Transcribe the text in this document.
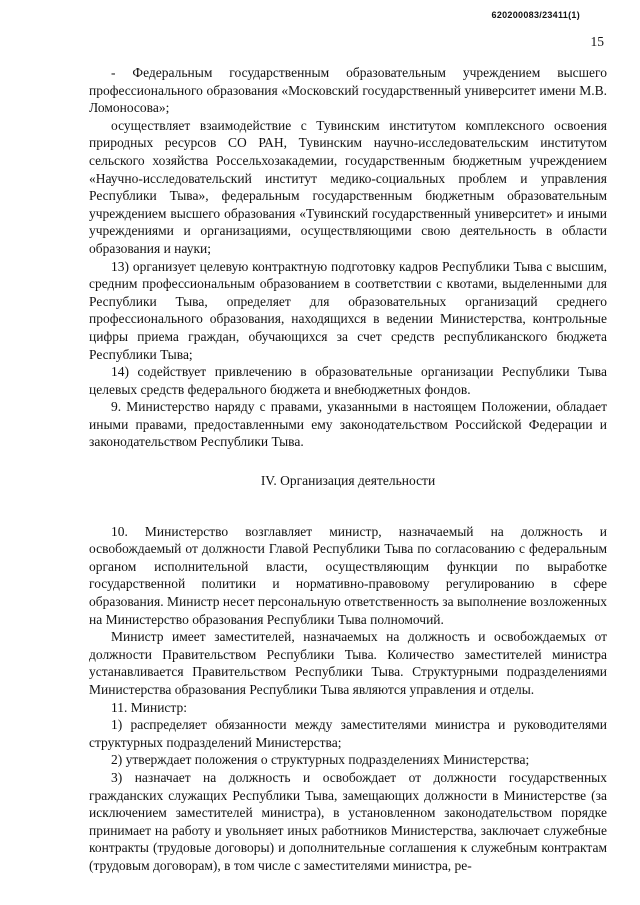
620200083/23411(1)
15

- Федеральным государственным образовательным учреждением высшего профессионального образования «Московский государственный университет имени М.В. Ломоносова»;

осуществляет взаимодействие с Тувинским институтом комплексного освоения природных ресурсов СО РАН, Тувинским научно-исследовательским институтом сельского хозяйства Россельхозакадемии, государственным бюджетным учреждением «Научно-исследовательский институт медико-социальных проблем и управления Республики Тыва», федеральным государственным бюджетным образовательным учреждением высшего образования «Тувинский государственный университет» и иными учреждениями и организациями, осуществляющими свою деятельность в области образования и науки;

13) организует целевую контрактную подготовку кадров Республики Тыва с высшим, средним профессиональным образованием в соответствии с квотами, выделенными для Республики Тыва, определяет для образовательных организаций среднего профессионального образования, находящихся в ведении Министерства, контрольные цифры приема граждан, обучающихся за счет средств республиканского бюджета Республики Тыва;

14) содействует привлечению в образовательные организации Республики Тыва целевых средств федерального бюджета и внебюджетных фондов.

9. Министерство наряду с правами, указанными в настоящем Положении, обладает иными правами, предоставленными ему законодательством Российской Федерации и законодательством Республики Тыва.

IV. Организация деятельности

10. Министерство возглавляет министр, назначаемый на должность и освобождаемый от должности Главой Республики Тыва по согласованию с федеральным органом исполнительной власти, осуществляющим функции по выработке государственной политики и нормативно-правовому регулированию в сфере образования. Министр несет персональную ответственность за выполнение возложенных на Министерство образования Республики Тыва полномочий.

Министр имеет заместителей, назначаемых на должность и освобождаемых от должности Правительством Республики Тыва. Количество заместителей министра устанавливается Правительством Республики Тыва. Структурными подразделениями Министерства образования Республики Тыва являются управления и отделы.

11. Министр:

1) распределяет обязанности между заместителями министра и руководителями структурных подразделений Министерства;

2) утверждает положения о структурных подразделениях Министерства;

3) назначает на должность и освобождает от должности государственных гражданских служащих Республики Тыва, замещающих должности в Министерстве (за исключением заместителей министра), в установленном законодательством порядке принимает на работу и увольняет иных работников Министерства, заключает служебные контракты (трудовые договоры) и дополнительные соглашения к служебным контрактам (трудовым договорам), в том числе с заместителями министра, ре-
